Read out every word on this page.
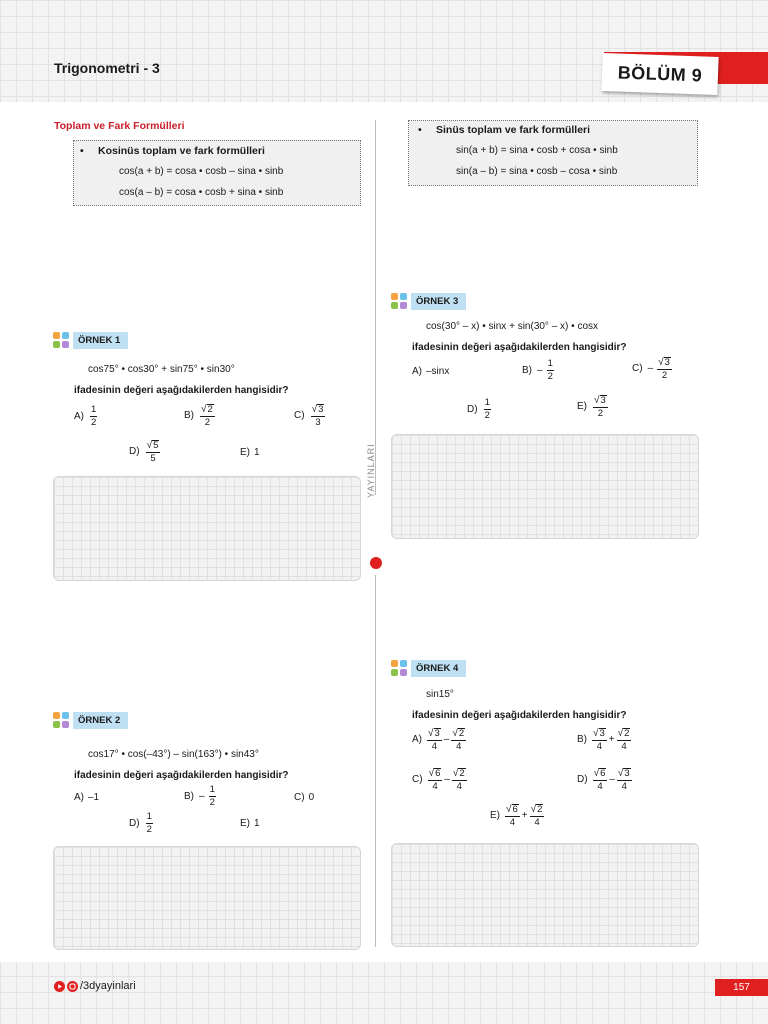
Trigonometri - 3	BÖLÜM 9
YAYINLARI
Toplam ve Fark Formülleri
• Kosinüs toplam ve fark formülleri
cos(a + b) = cosa • cosb – sina • sinb
cos(a – b) = cosa • cosb + sina • sinb
ÖRNEK 1
cos75° • cos30° + sin75° • sin30°
ifadesinin değeri aşağıdakilerden hangisidir?
$A) \frac{1}{2}$	$B) \frac{√ 2}{2}$	$C) \frac{√ 3}{3}$
$D) \frac{√ 5}{5}$	E) 1
ÖRNEK 2
cos17° • cos(–43°) – sin(163°) • sin43°
ifadesinin değeri aşağıdakilerden hangisidir?
A) –1	$B) - \frac{1}{2}$	C) 0
$D) \frac{1}{2}$	E) 1
• Sinüs toplam ve fark formülleri
sin(a + b) = sina • cosb + cosa • sinb
sin(a – b) = sina • cosb – cosa • sinb
ÖRNEK 3
cos(30° – x) • sinx + sin(30° – x) • cosx
ifadesinin değeri aşağıdakilerden hangisidir?
A) –sinx	$B) - \frac{1}{2}$	$C) - \frac{√ 3}{2}$
$D) \frac{1}{2}$	$E) \frac{√ 3}{2}$
ÖRNEK 4
sin15°
ifadesinin değeri aşağıdakilerden hangisidir?
$A) \frac{√ 3}{4} - \frac{√ 2}{4}$	$B) \frac{√ 3}{4} + \frac{√ 2}{4}$
$C) \frac{√ 6}{4} - \frac{√ 2}{4}$	$D) \frac{√ 6}{4} - \frac{√ 3}{4}$
$E) \frac{√ 6}{4} + \frac{√ 2}{4}$
/3dyayinlari	157
